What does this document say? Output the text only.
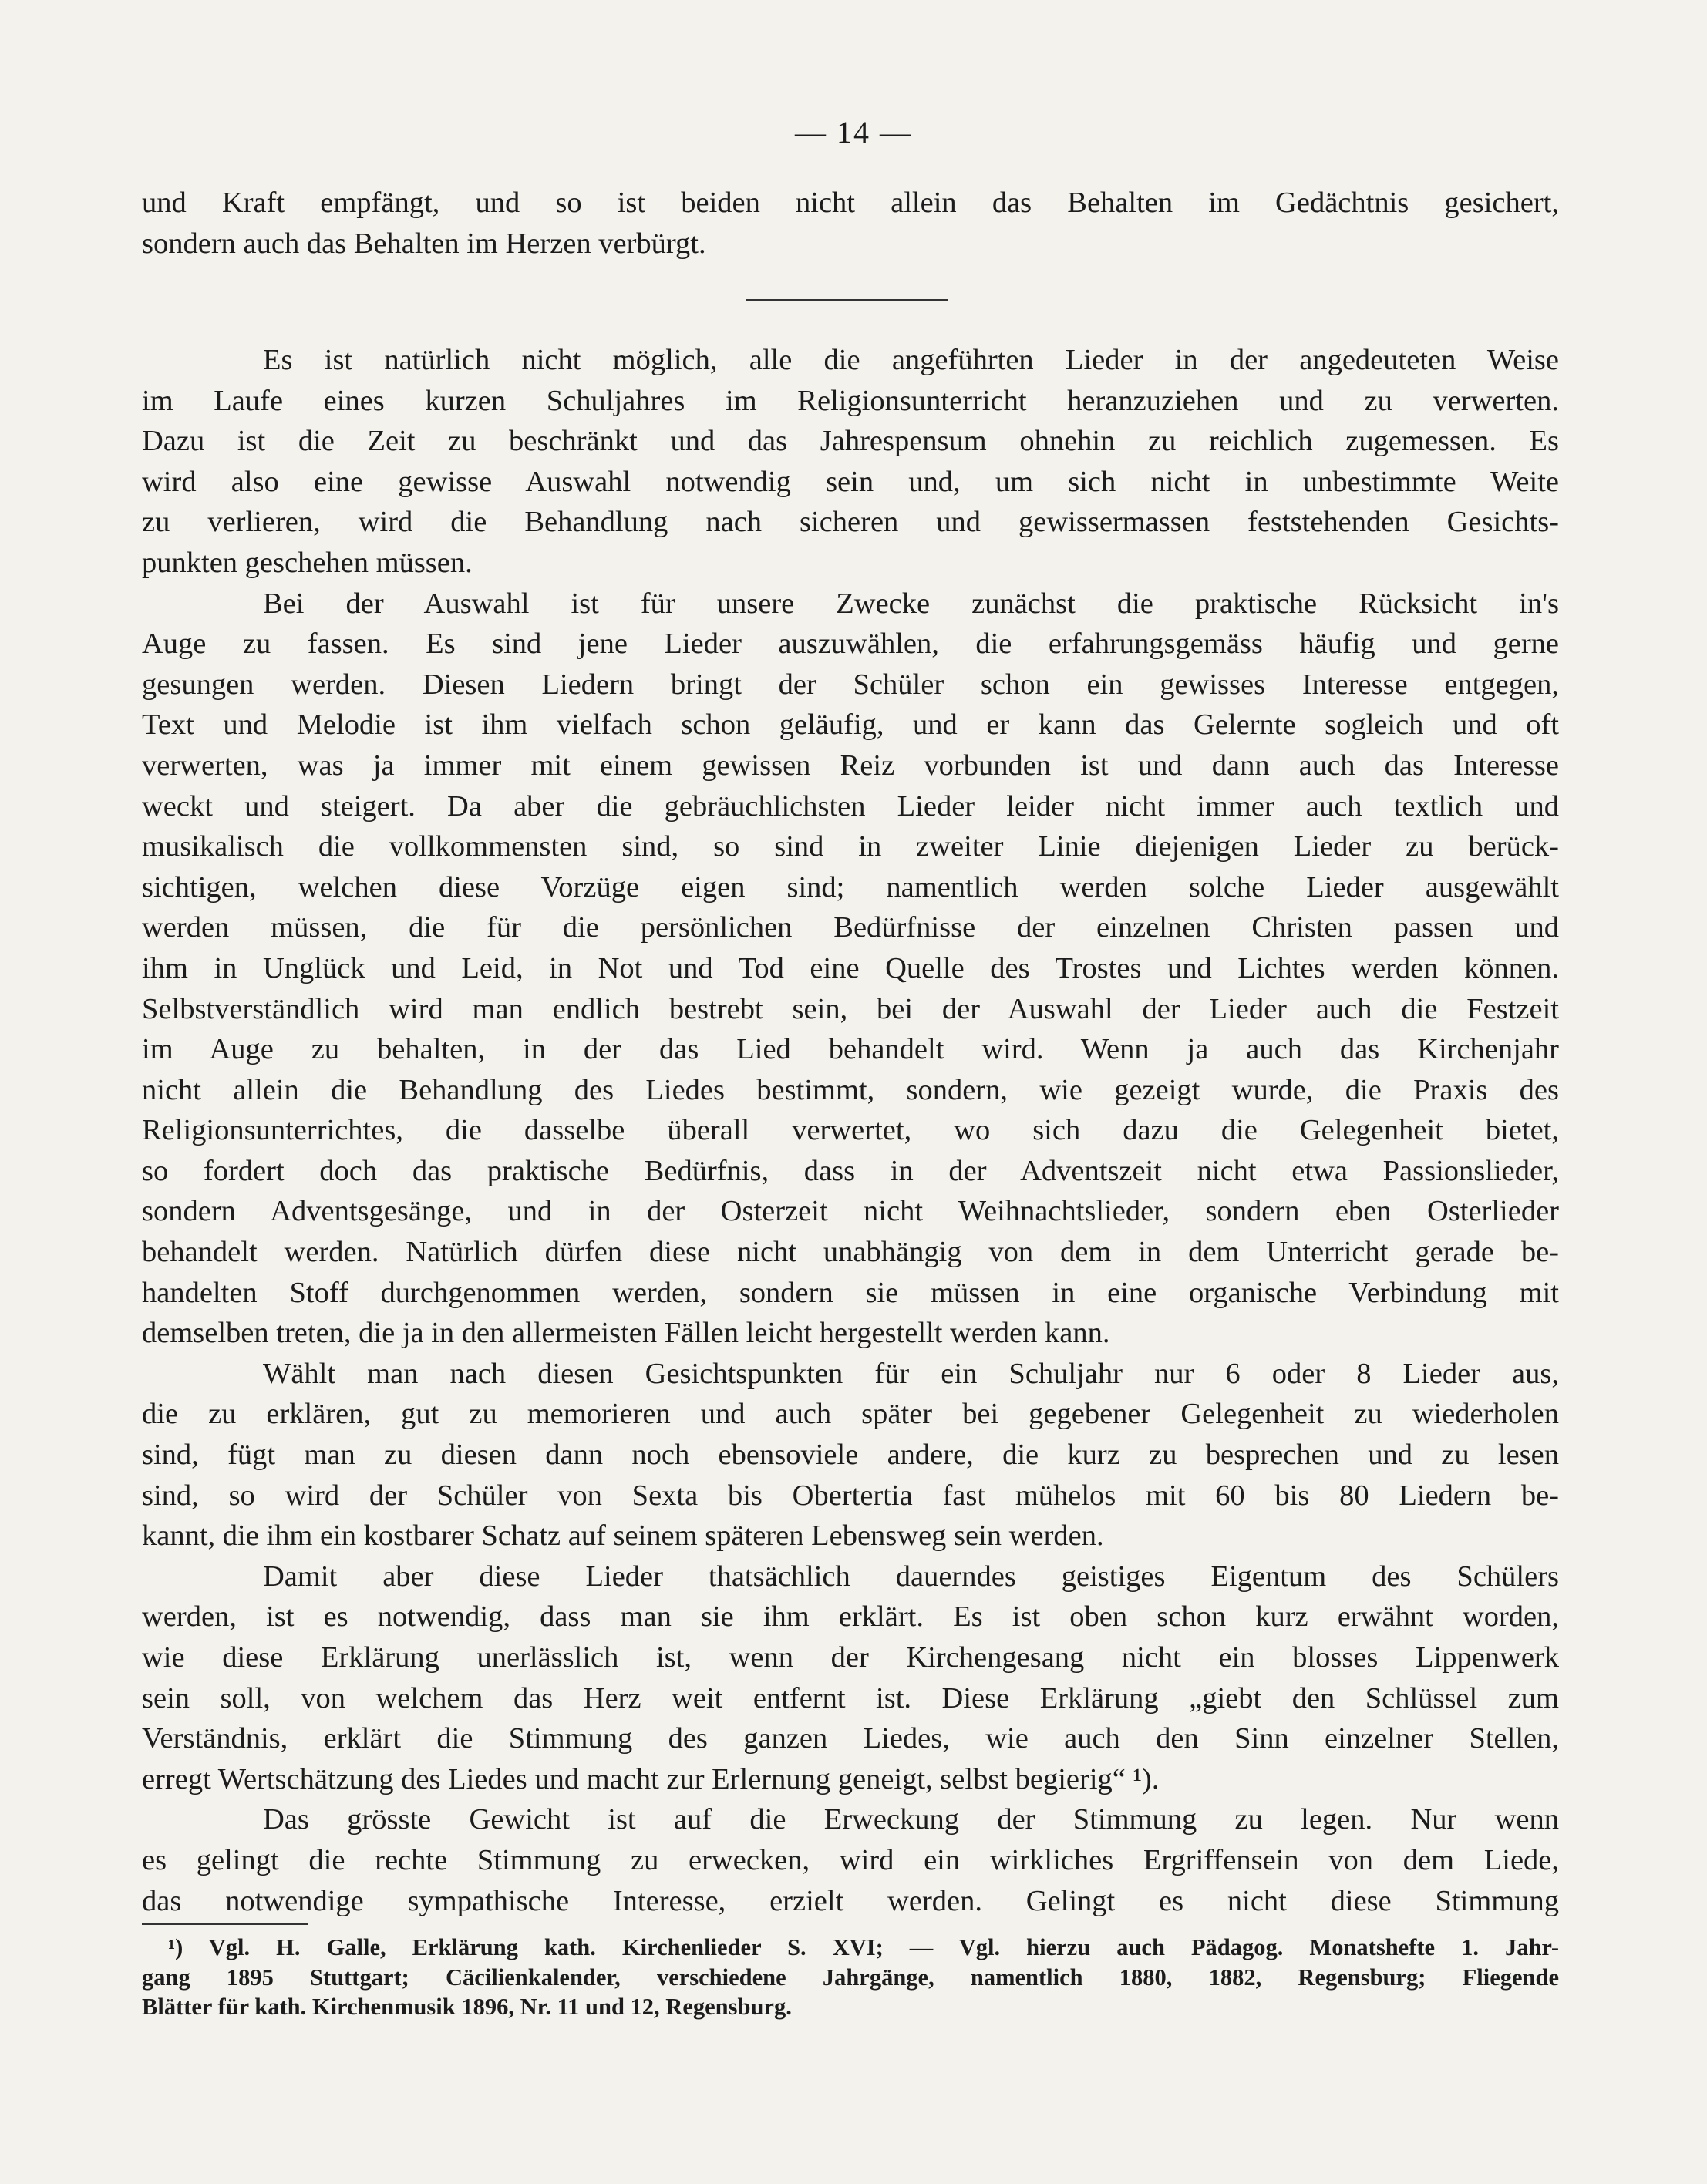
— 14 —
und Kraft empfängt, und so ist beiden nicht allein das Behalten im Gedächtnis gesichert,
sondern auch das Behalten im Herzen verbürgt.
Es ist natürlich nicht möglich, alle die angeführten Lieder in der angedeuteten Weise
im Laufe eines kurzen Schuljahres im Religionsunterricht heranzuziehen und zu verwerten.
Dazu ist die Zeit zu beschränkt und das Jahrespensum ohnehin zu reichlich zugemessen. Es
wird also eine gewisse Auswahl notwendig sein und, um sich nicht in unbestimmte Weite
zu verlieren, wird die Behandlung nach sicheren und gewissermassen feststehenden Gesichts-
punkten geschehen müssen.
Bei der Auswahl ist für unsere Zwecke zunächst die praktische Rücksicht in's
Auge zu fassen. Es sind jene Lieder auszuwählen, die erfahrungsgemäss häufig und gerne
gesungen werden. Diesen Liedern bringt der Schüler schon ein gewisses Interesse entgegen,
Text und Melodie ist ihm vielfach schon geläufig, und er kann das Gelernte sogleich und oft
verwerten, was ja immer mit einem gewissen Reiz vorbunden ist und dann auch das Interesse
weckt und steigert. Da aber die gebräuchlichsten Lieder leider nicht immer auch textlich und
musikalisch die vollkommensten sind, so sind in zweiter Linie diejenigen Lieder zu berück-
sichtigen, welchen diese Vorzüge eigen sind; namentlich werden solche Lieder ausgewählt
werden müssen, die für die persönlichen Bedürfnisse der einzelnen Christen passen und
ihm in Unglück und Leid, in Not und Tod eine Quelle des Trostes und Lichtes werden können.
Selbstverständlich wird man endlich bestrebt sein, bei der Auswahl der Lieder auch die Festzeit
im Auge zu behalten, in der das Lied behandelt wird. Wenn ja auch das Kirchenjahr
nicht allein die Behandlung des Liedes bestimmt, sondern, wie gezeigt wurde, die Praxis des
Religionsunterrichtes, die dasselbe überall verwertet, wo sich dazu die Gelegenheit bietet,
so fordert doch das praktische Bedürfnis, dass in der Adventszeit nicht etwa Passionslieder,
sondern Adventsgesänge, und in der Osterzeit nicht Weihnachtslieder, sondern eben Osterlieder
behandelt werden. Natürlich dürfen diese nicht unabhängig von dem in dem Unterricht gerade be-
handelten Stoff durchgenommen werden, sondern sie müssen in eine organische Verbindung mit
demselben treten, die ja in den allermeisten Fällen leicht hergestellt werden kann.
Wählt man nach diesen Gesichtspunkten für ein Schuljahr nur 6 oder 8 Lieder aus,
die zu erklären, gut zu memorieren und auch später bei gegebener Gelegenheit zu wiederholen
sind, fügt man zu diesen dann noch ebensoviele andere, die kurz zu besprechen und zu lesen
sind, so wird der Schüler von Sexta bis Obertertia fast mühelos mit 60 bis 80 Liedern be-
kannt, die ihm ein kostbarer Schatz auf seinem späteren Lebensweg sein werden.
Damit aber diese Lieder thatsächlich dauerndes geistiges Eigentum des Schülers
werden, ist es notwendig, dass man sie ihm erklärt. Es ist oben schon kurz erwähnt worden,
wie diese Erklärung unerlässlich ist, wenn der Kirchengesang nicht ein blosses Lippenwerk
sein soll, von welchem das Herz weit entfernt ist. Diese Erklärung „giebt den Schlüssel zum
Verständnis, erklärt die Stimmung des ganzen Liedes, wie auch den Sinn einzelner Stellen,
erregt Wertschätzung des Liedes und macht zur Erlernung geneigt, selbst begierig“ ¹).
Das grösste Gewicht ist auf die Erweckung der Stimmung zu legen. Nur wenn
es gelingt die rechte Stimmung zu erwecken, wird ein wirkliches Ergriffensein von dem Liede,
das notwendige sympathische Interesse, erzielt werden. Gelingt es nicht diese Stimmung
¹) Vgl. H. Galle, Erklärung kath. Kirchenlieder S. XVI; — Vgl. hierzu auch Pädagog. Monatshefte 1. Jahr-
gang 1895 Stuttgart; Cäcilienkalender, verschiedene Jahrgänge, namentlich 1880, 1882, Regensburg; Fliegende
Blätter für kath. Kirchenmusik 1896, Nr. 11 und 12, Regensburg.
